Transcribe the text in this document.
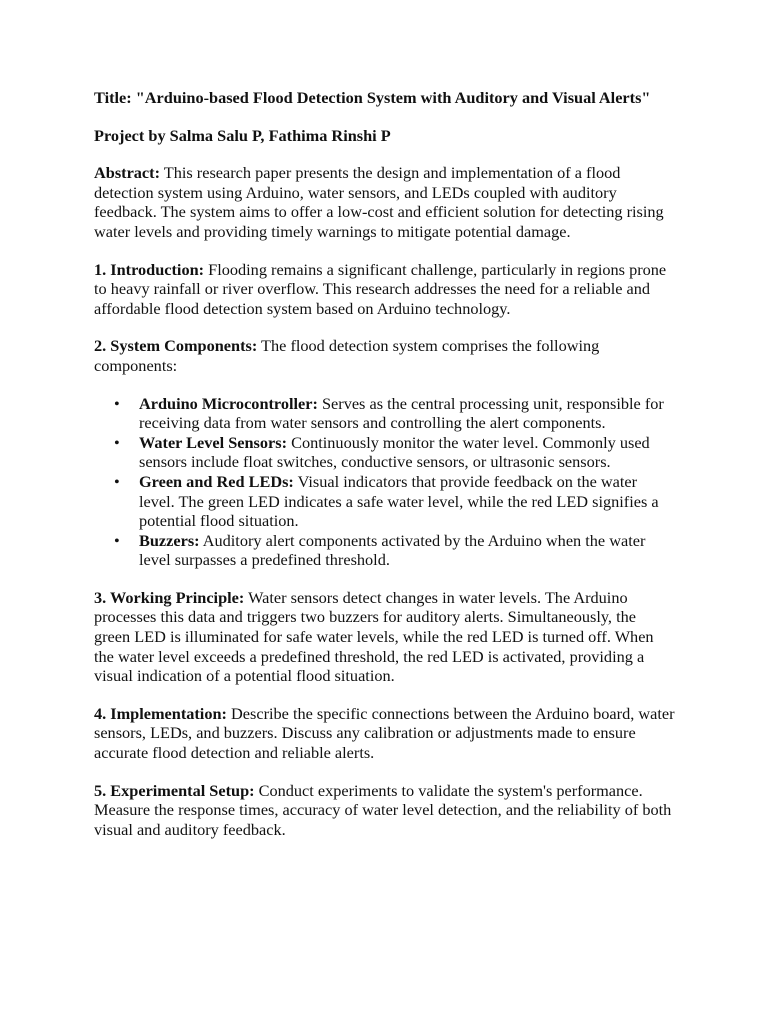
Title: "Arduino-based Flood Detection System with Auditory and Visual Alerts"

Project by Salma Salu P, Fathima Rinshi P

Abstract: This research paper presents the design and implementation of a flood detection system using Arduino, water sensors, and LEDs coupled with auditory feedback. The system aims to offer a low-cost and efficient solution for detecting rising water levels and providing timely warnings to mitigate potential damage.

1. Introduction: Flooding remains a significant challenge, particularly in regions prone to heavy rainfall or river overflow. This research addresses the need for a reliable and affordable flood detection system based on Arduino technology.

2. System Components: The flood detection system comprises the following components:

• Arduino Microcontroller: Serves as the central processing unit, responsible for receiving data from water sensors and controlling the alert components.
• Water Level Sensors: Continuously monitor the water level. Commonly used sensors include float switches, conductive sensors, or ultrasonic sensors.
• Green and Red LEDs: Visual indicators that provide feedback on the water level. The green LED indicates a safe water level, while the red LED signifies a potential flood situation.
• Buzzers: Auditory alert components activated by the Arduino when the water level surpasses a predefined threshold.

3. Working Principle: Water sensors detect changes in water levels. The Arduino processes this data and triggers two buzzers for auditory alerts. Simultaneously, the green LED is illuminated for safe water levels, while the red LED is turned off. When the water level exceeds a predefined threshold, the red LED is activated, providing a visual indication of a potential flood situation.

4. Implementation: Describe the specific connections between the Arduino board, water sensors, LEDs, and buzzers. Discuss any calibration or adjustments made to ensure accurate flood detection and reliable alerts.

5. Experimental Setup: Conduct experiments to validate the system's performance. Measure the response times, accuracy of water level detection, and the reliability of both visual and auditory feedback.
